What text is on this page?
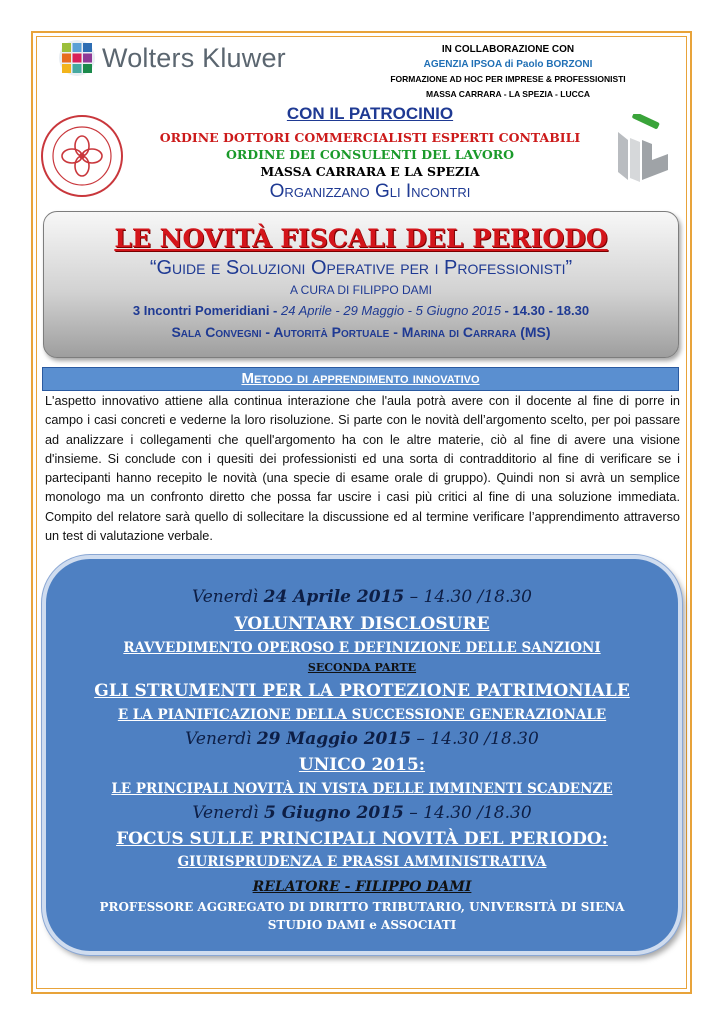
Wolters Kluwer	IN COLLABORAZIONE CON
AGENZIA IPSOA di Paolo BORZONI
FORMAZIONE AD HOC PER IMPRESE & PROFESSIONISTI
MASSA CARRARA - LA SPEZIA - LUCCA
CON IL PATROCINIO
ORDINE DOTTORI COMMERCIALISTI ESPERTI CONTABILI
ORDINE DEI CONSULENTI DEL LAVORO
MASSA CARRARA E LA SPEZIA
Organizzano Gli Incontri
LE NOVITÀ FISCALI DEL PERIODO
“Guide e Soluzioni Operative per i Professionisti”
A CURA DI FILIPPO DAMI
3 Incontri Pomeridiani - 24 Aprile - 29 Maggio - 5 Giugno 2015 - 14.30 - 18.30
Sala Convegni - Autorità Portuale - Marina di Carrara (MS)
Metodo di apprendimento innovativo
L'aspetto innovativo attiene alla continua interazione che l'aula potrà avere con il docente al fine di porre in campo i casi concreti e vederne la loro risoluzione. Si parte con le novità dell’argomento scelto, per poi passare ad analizzare i collegamenti che quell'argomento ha con le altre materie, ciò al fine di avere una visione d'insieme. Si conclude con i quesiti dei professionisti ed una sorta di contradditorio al fine di verificare se i partecipanti hanno recepito le novità (una specie di esame orale di gruppo). Quindi non si avrà un semplice monologo ma un confronto diretto che possa far uscire i casi più critici al fine di una soluzione immediata. Compito del relatore sarà quello di sollecitare la discussione ed al termine verificare l’apprendimento attraverso un test di valutazione verbale.
Venerdì 24 Aprile 2015 – 14.30 /18.30
VOLUNTARY DISCLOSURE
RAVVEDIMENTO OPEROSO E DEFINIZIONE DELLE SANZIONI
SECONDA PARTE
GLI STRUMENTI PER LA PROTEZIONE PATRIMONIALE
E LA PIANIFICAZIONE DELLA SUCCESSIONE GENERAZIONALE
Venerdì 29 Maggio 2015 – 14.30 /18.30
UNICO 2015:
LE PRINCIPALI NOVITÀ IN VISTA DELLE IMMINENTI SCADENZE
Venerdì 5 Giugno 2015 – 14.30 /18.30
FOCUS SULLE PRINCIPALI NOVITÀ DEL PERIODO:
GIURISPRUDENZA E PRASSI AMMINISTRATIVA
RELATORE - FILIPPO DAMI
PROFESSORE AGGREGATO DI DIRITTO TRIBUTARIO, UNIVERSITÀ DI SIENA
STUDIO DAMI e ASSOCIATI
